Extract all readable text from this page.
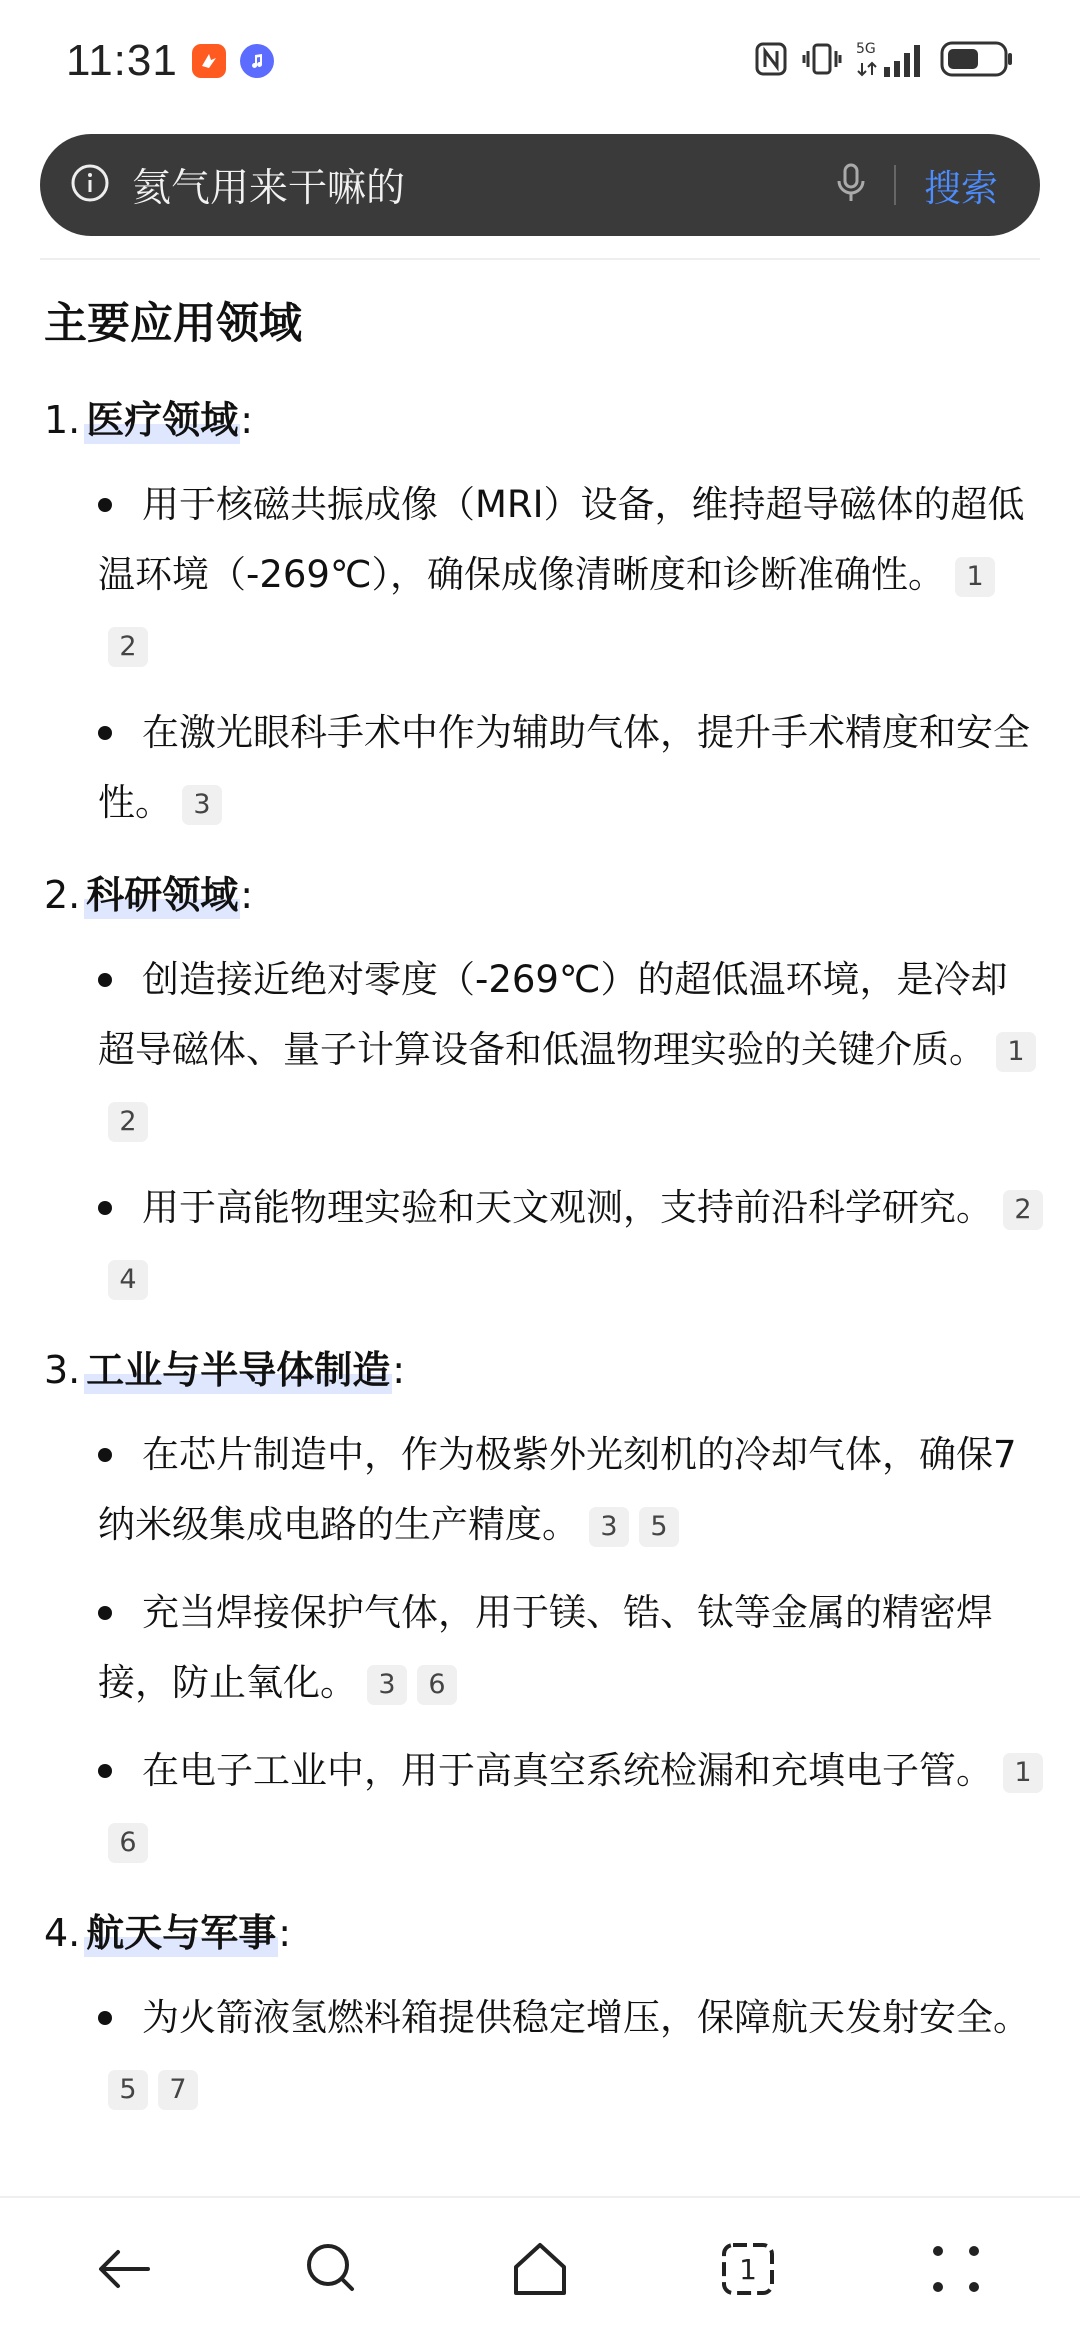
11:31	5G
氦气用来干嘛的	搜索
主要应用领域
1. 医疗领域 :
用于核磁共振成像（MRI）设备，维持超导磁体的超低温环境（-269℃），确保成像清晰度和诊断准确性。 12
在激光眼科手术中作为辅助气体，提升手术精度和安全性。 3
2. 科研领域 :
创造接近绝对零度（-269℃）的超低温环境，是冷却超导磁体、量子计算设备和低温物理实验的关键介质。 12
用于高能物理实验和天文观测，支持前沿科学研究。 24
3. 工业与半导体制造 :
在芯片制造中，作为极紫外光刻机的冷却气体，确保7纳米级集成电路的生产精度。 3 5
充当焊接保护气体，用于镁、锆、钛等金属的精密焊接，防止氧化。 3 6
在电子工业中，用于高真空系统检漏和充填电子管。 16
4. 航天与军事 :
为火箭液氢燃料箱提供稳定增压，保障航天发射安全。5 7
1
